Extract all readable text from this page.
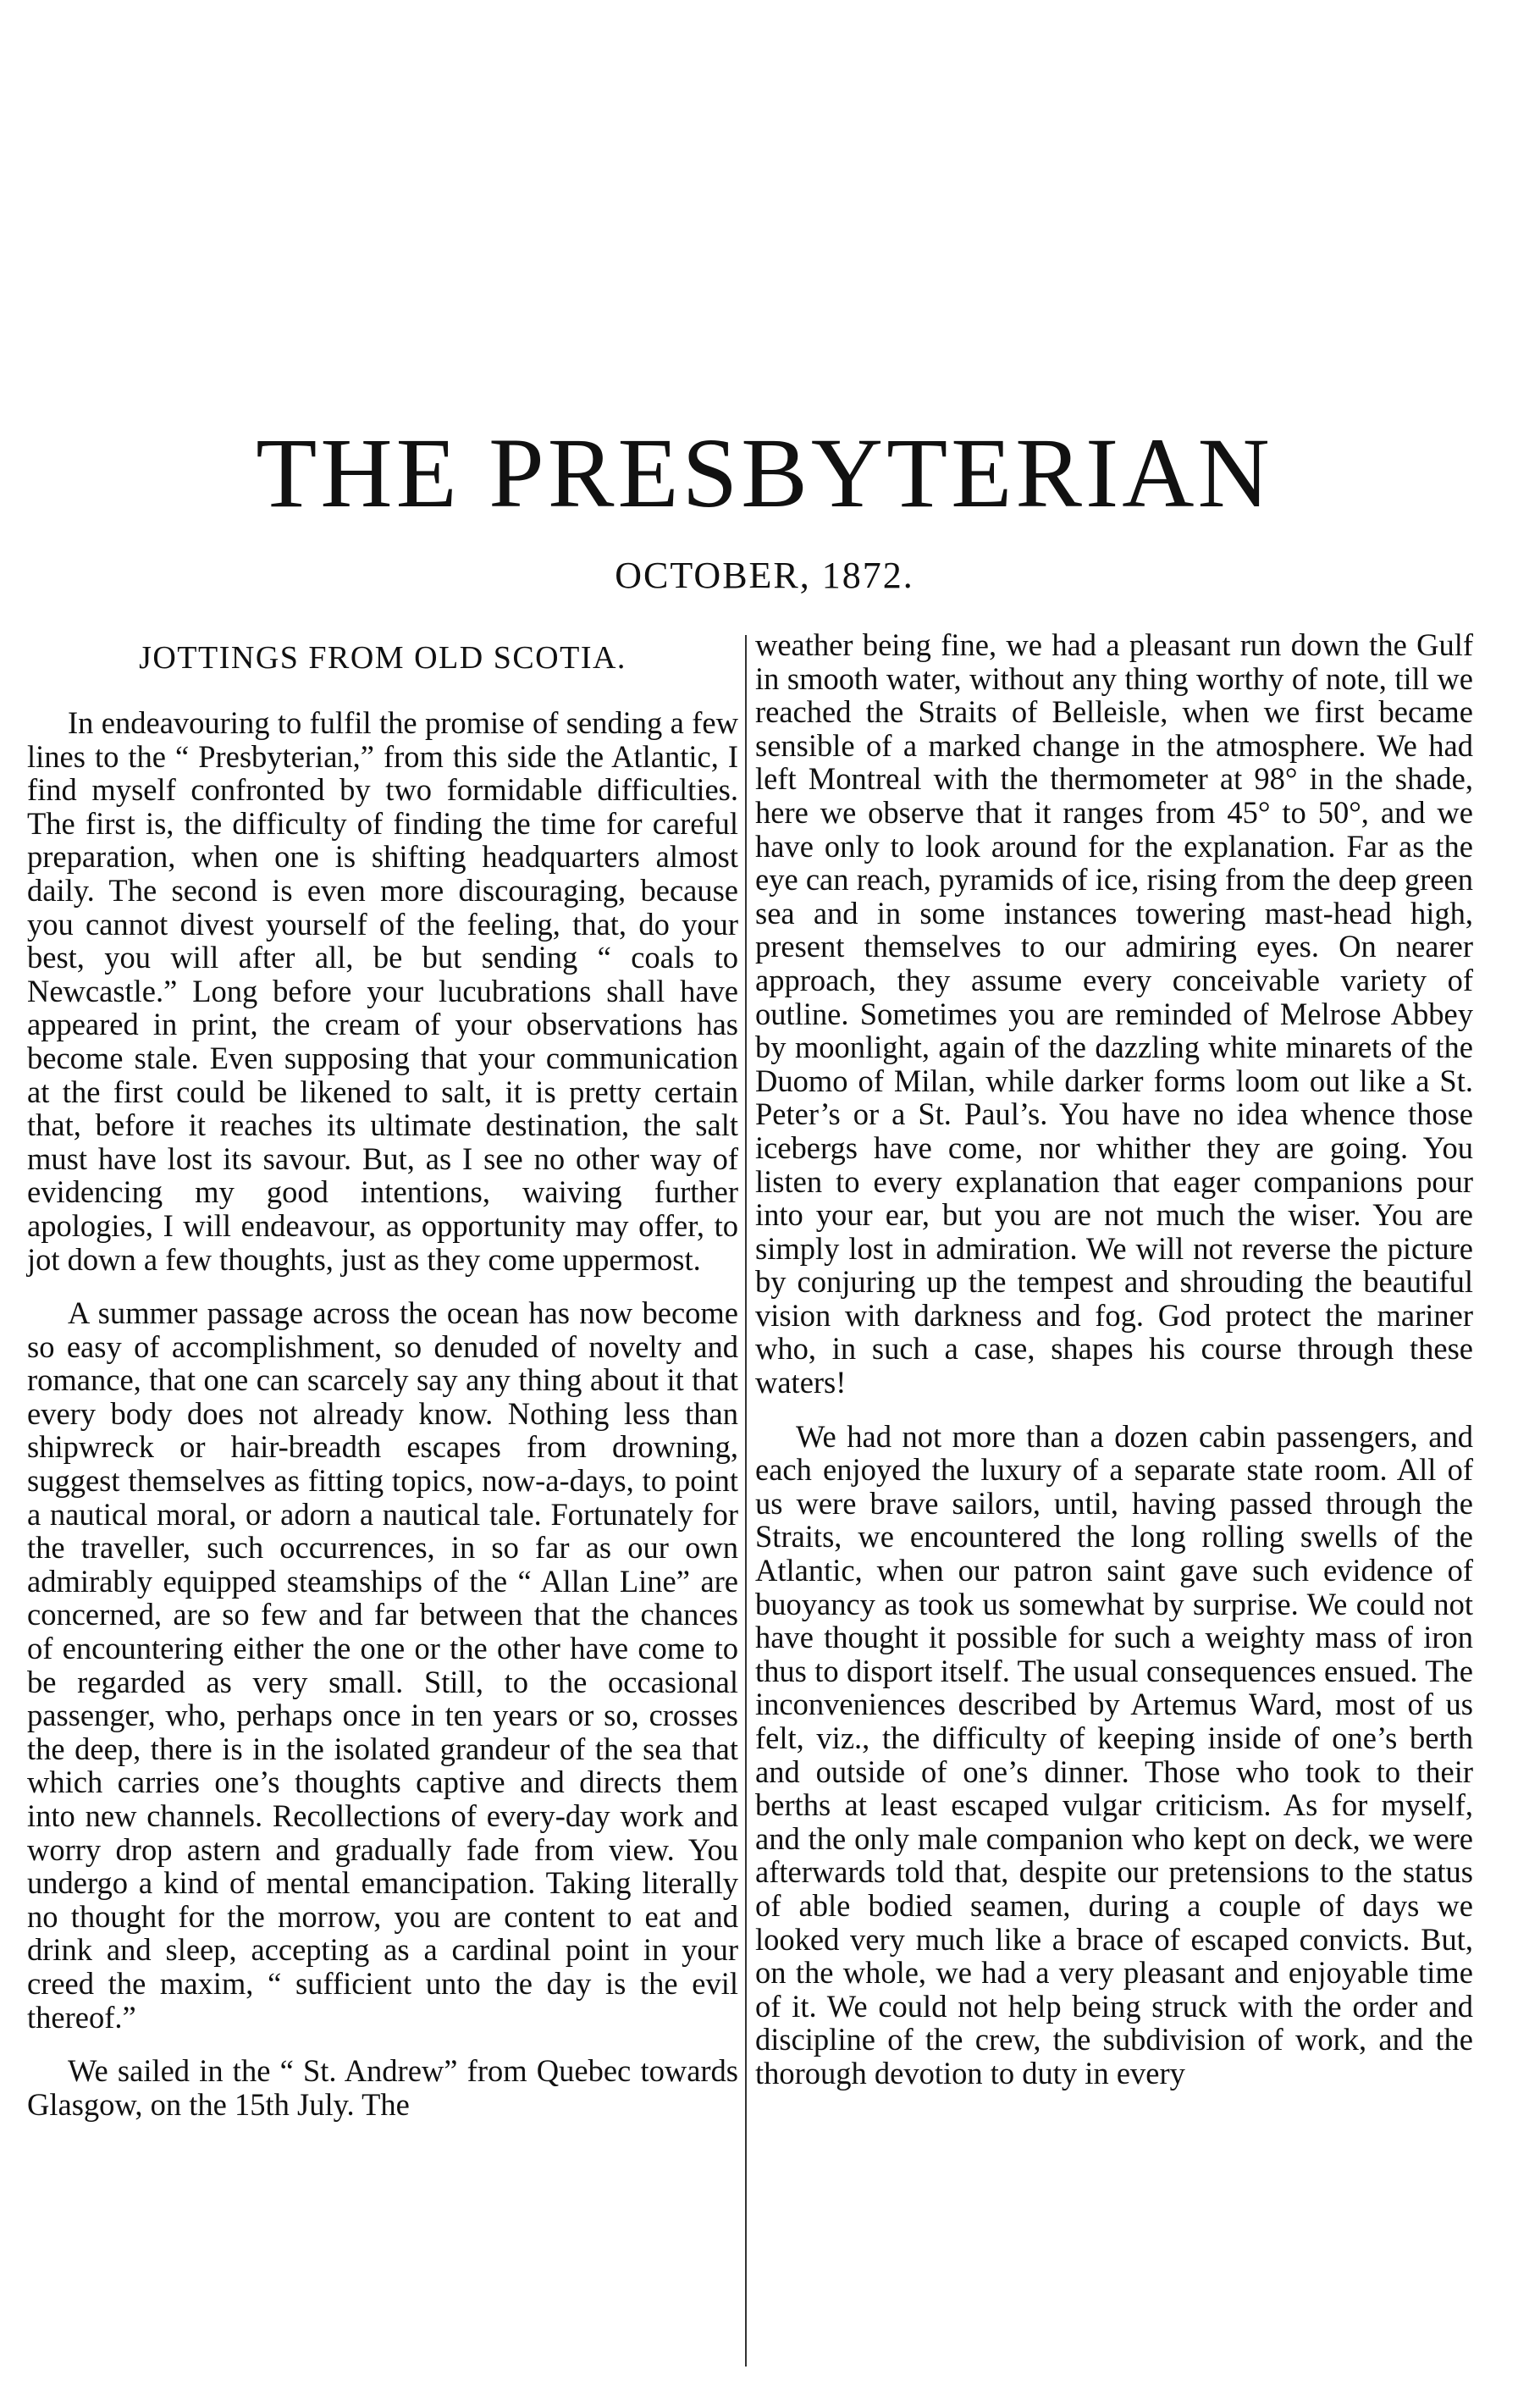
THE PRESBYTERIAN
OCTOBER, 1872.
JOTTINGS FROM OLD SCOTIA.

In endeavouring to fulfil the promise of sending a few lines to the “ Presbyterian,” from this side the Atlantic, I find myself confronted by two formidable difficulties. The first is, the difficulty of finding the time for careful preparation, when one is shifting headquarters almost daily. The second is even more discouraging, because you cannot divest yourself of the feeling, that, do your best, you will after all, be but sending “ coals to Newcastle.” Long before your lucubrations shall have appeared in print, the cream of your observations has become stale. Even supposing that your communication at the first could be likened to salt, it is pretty certain that, before it reaches its ultimate destination, the salt must have lost its savour. But, as I see no other way of evidencing my good intentions, waiving further apologies, I will endeavour, as opportunity may offer, to jot down a few thoughts, just as they come uppermost.

A summer passage across the ocean has now become so easy of accomplishment, so denuded of novelty and romance, that one can scarcely say any thing about it that every body does not already know. Nothing less than shipwreck or hair-breadth escapes from drowning, suggest themselves as fitting topics, now-a-days, to point a nautical moral, or adorn a nautical tale. Fortunately for the traveller, such occurrences, in so far as our own admirably equipped steamships of the “ Allan Line” are concerned, are so few and far between that the chances of encountering either the one or the other have come to be regarded as very small. Still, to the occasional passenger, who, perhaps once in ten years or so, crosses the deep, there is in the isolated grandeur of the sea that which carries one’s thoughts captive and directs them into new channels. Recollections of every-day work and worry drop astern and gradually fade from view. You undergo a kind of mental emancipation. Taking literally no thought for the morrow, you are content to eat and drink and sleep, accepting as a cardinal point in your creed the maxim, “ sufficient unto the day is the evil thereof.”

We sailed in the “ St. Andrew” from Quebec towards Glasgow, on the 15th July. The

weather being fine, we had a pleasant run down the Gulf in smooth water, without any thing worthy of note, till we reached the Straits of Belleisle, when we first became sensible of a marked change in the atmosphere. We had left Montreal with the thermometer at 98° in the shade, here we observe that it ranges from 45° to 50°, and we have only to look around for the explanation. Far as the eye can reach, pyramids of ice, rising from the deep green sea and in some instances towering mast-head high, present themselves to our admiring eyes. On nearer approach, they assume every conceivable variety of outline. Sometimes you are reminded of Melrose Abbey by moonlight, again of the dazzling white minarets of the Duomo of Milan, while darker forms loom out like a St. Peter’s or a St. Paul’s. You have no idea whence those icebergs have come, nor whither they are going. You listen to every explanation that eager companions pour into your ear, but you are not much the wiser. You are simply lost in admiration. We will not reverse the picture by conjuring up the tempest and shrouding the beautiful vision with darkness and fog. God protect the mariner who, in such a case, shapes his course through these waters!

We had not more than a dozen cabin passengers, and each enjoyed the luxury of a separate state room. All of us were brave sailors, until, having passed through the Straits, we encountered the long rolling swells of the Atlantic, when our patron saint gave such evidence of buoyancy as took us somewhat by surprise. We could not have thought it possible for such a weighty mass of iron thus to disport itself. The usual consequences ensued. The inconveniences described by Artemus Ward, most of us felt, viz., the difficulty of keeping inside of one’s berth and outside of one’s dinner. Those who took to their berths at least escaped vulgar criticism. As for myself, and the only male companion who kept on deck, we were afterwards told that, despite our pretensions to the status of able bodied seamen, during a couple of days we looked very much like a brace of escaped convicts. But, on the whole, we had a very pleasant and enjoyable time of it. We could not help being struck with the order and discipline of the crew, the subdivision of work, and the thorough devotion to duty in every
